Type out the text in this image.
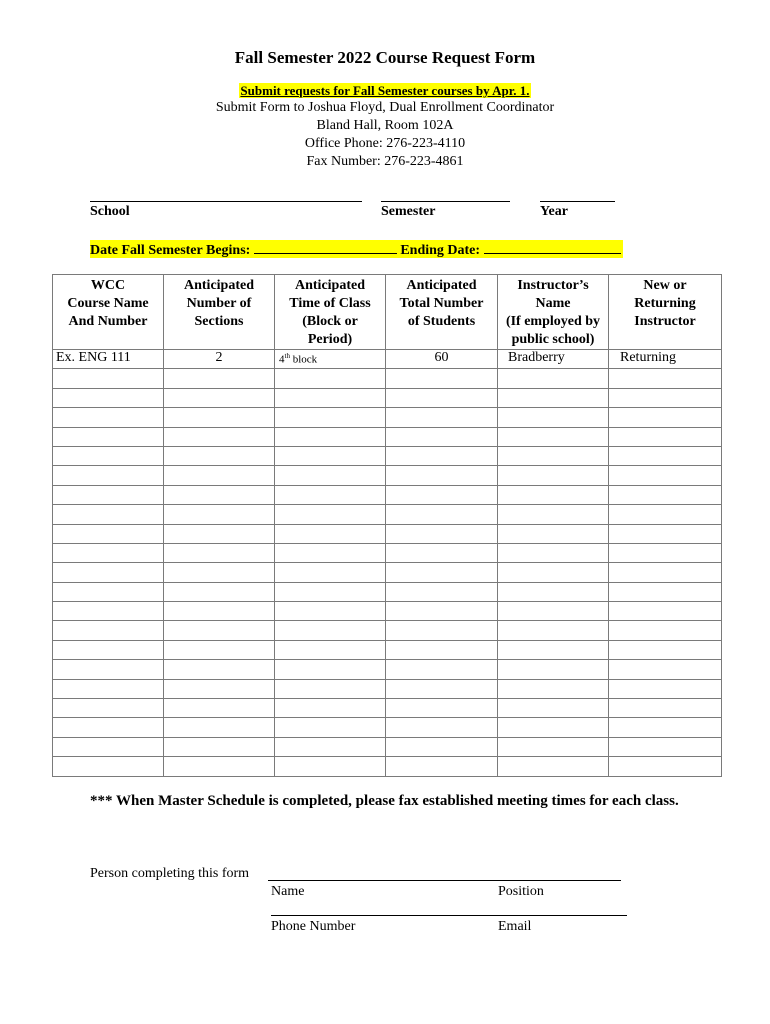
Fall Semester 2022 Course Request Form
Submit requests for Fall Semester courses by Apr. 1.
Submit Form to Joshua Floyd, Dual Enrollment Coordinator
Bland Hall, Room 102A
Office Phone: 276-223-4110
Fax Number: 276-223-4861
School	Semester	Year
Date Fall Semester Begins:	Ending Date:
WCC
Course Name
And Number	Anticipated
Number of
Sections	Anticipated
Time of Class
(Block or
Period)	Anticipated
Total Number
of Students	Instructor’s
Name
(If employed by
public school)	New or
Returning
Instructor

Ex. ENG 111	2	4th block	60	Bradberry	Returning

*** When Master Schedule is completed, please fax established meeting times for each class.
Person completing this form
Name	Position
Phone Number	Email
